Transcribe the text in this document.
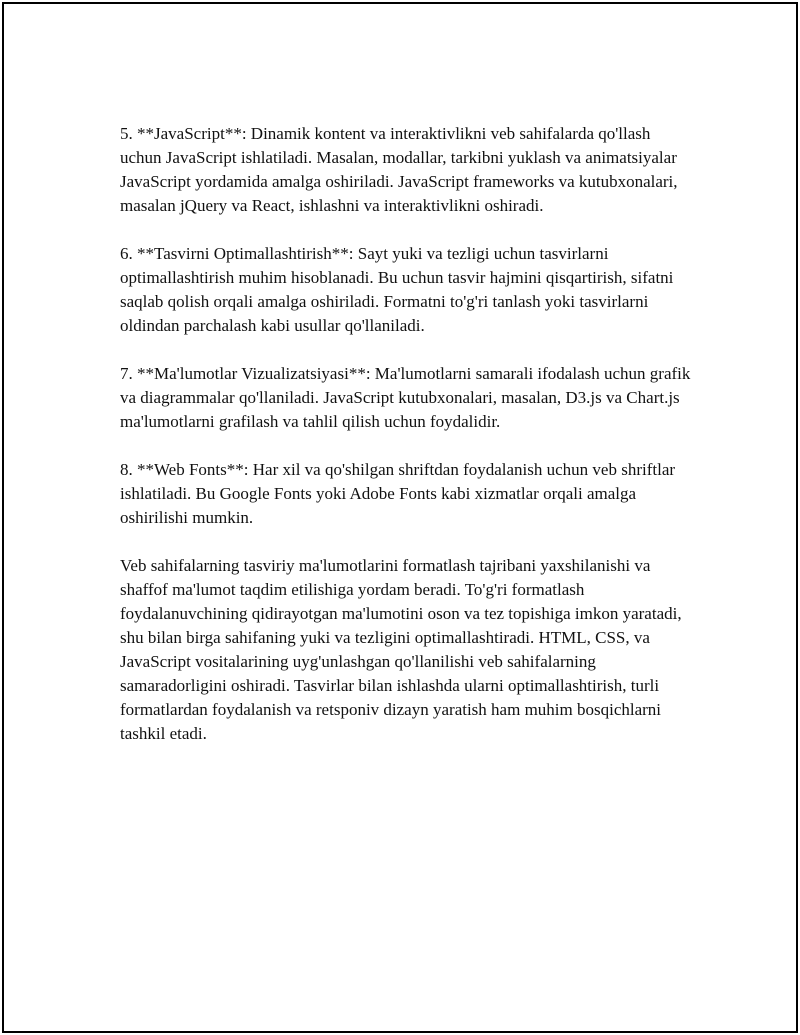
5. **JavaScript**: Dinamik kontent va interaktivlikni veb sahifalarda qo'llash uchun JavaScript ishlatiladi. Masalan, modallar, tarkibni yuklash va animatsiyalar JavaScript yordamida amalga oshiriladi. JavaScript frameworks va kutubxonalari, masalan jQuery va React, ishlashni va interaktivlikni oshiradi.

6. **Tasvirni Optimallashtirish**: Sayt yuki va tezligi uchun tasvirlarni optimallashtirish muhim hisoblanadi. Bu uchun tasvir hajmini qisqartirish, sifatni saqlab qolish orqali amalga oshiriladi. Formatni to'g'ri tanlash yoki tasvirlarni oldindan parchalash kabi usullar qo'llaniladi.

7. **Ma'lumotlar Vizualizatsiyasi**: Ma'lumotlarni samarali ifodalash uchun grafik va diagrammalar qo'llaniladi. JavaScript kutubxonalari, masalan, D3.js va Chart.js ma'lumotlarni grafilash va tahlil qilish uchun foydalidir.

8. **Web Fonts**: Har xil va qo'shilgan shriftdan foydalanish uchun veb shriftlar ishlatiladi. Bu Google Fonts yoki Adobe Fonts kabi xizmatlar orqali amalga oshirilishi mumkin.

Veb sahifalarning tasviriy ma'lumotlarini formatlash tajribani yaxshilanishi va shaffof ma'lumot taqdim etilishiga yordam beradi. To'g'ri formatlash foydalanuvchining qidirayotgan ma'lumotini oson va tez topishiga imkon yaratadi, shu bilan birga sahifaning yuki va tezligini optimallashtiradi. HTML, CSS, va JavaScript vositalarining uyg'unlashgan qo'llanilishi veb sahifalarning samaradorligini oshiradi. Tasvirlar bilan ishlashda ularni optimallashtirish, turli formatlardan foydalanish va retsponiv dizayn yaratish ham muhim bosqichlarni tashkil etadi.
